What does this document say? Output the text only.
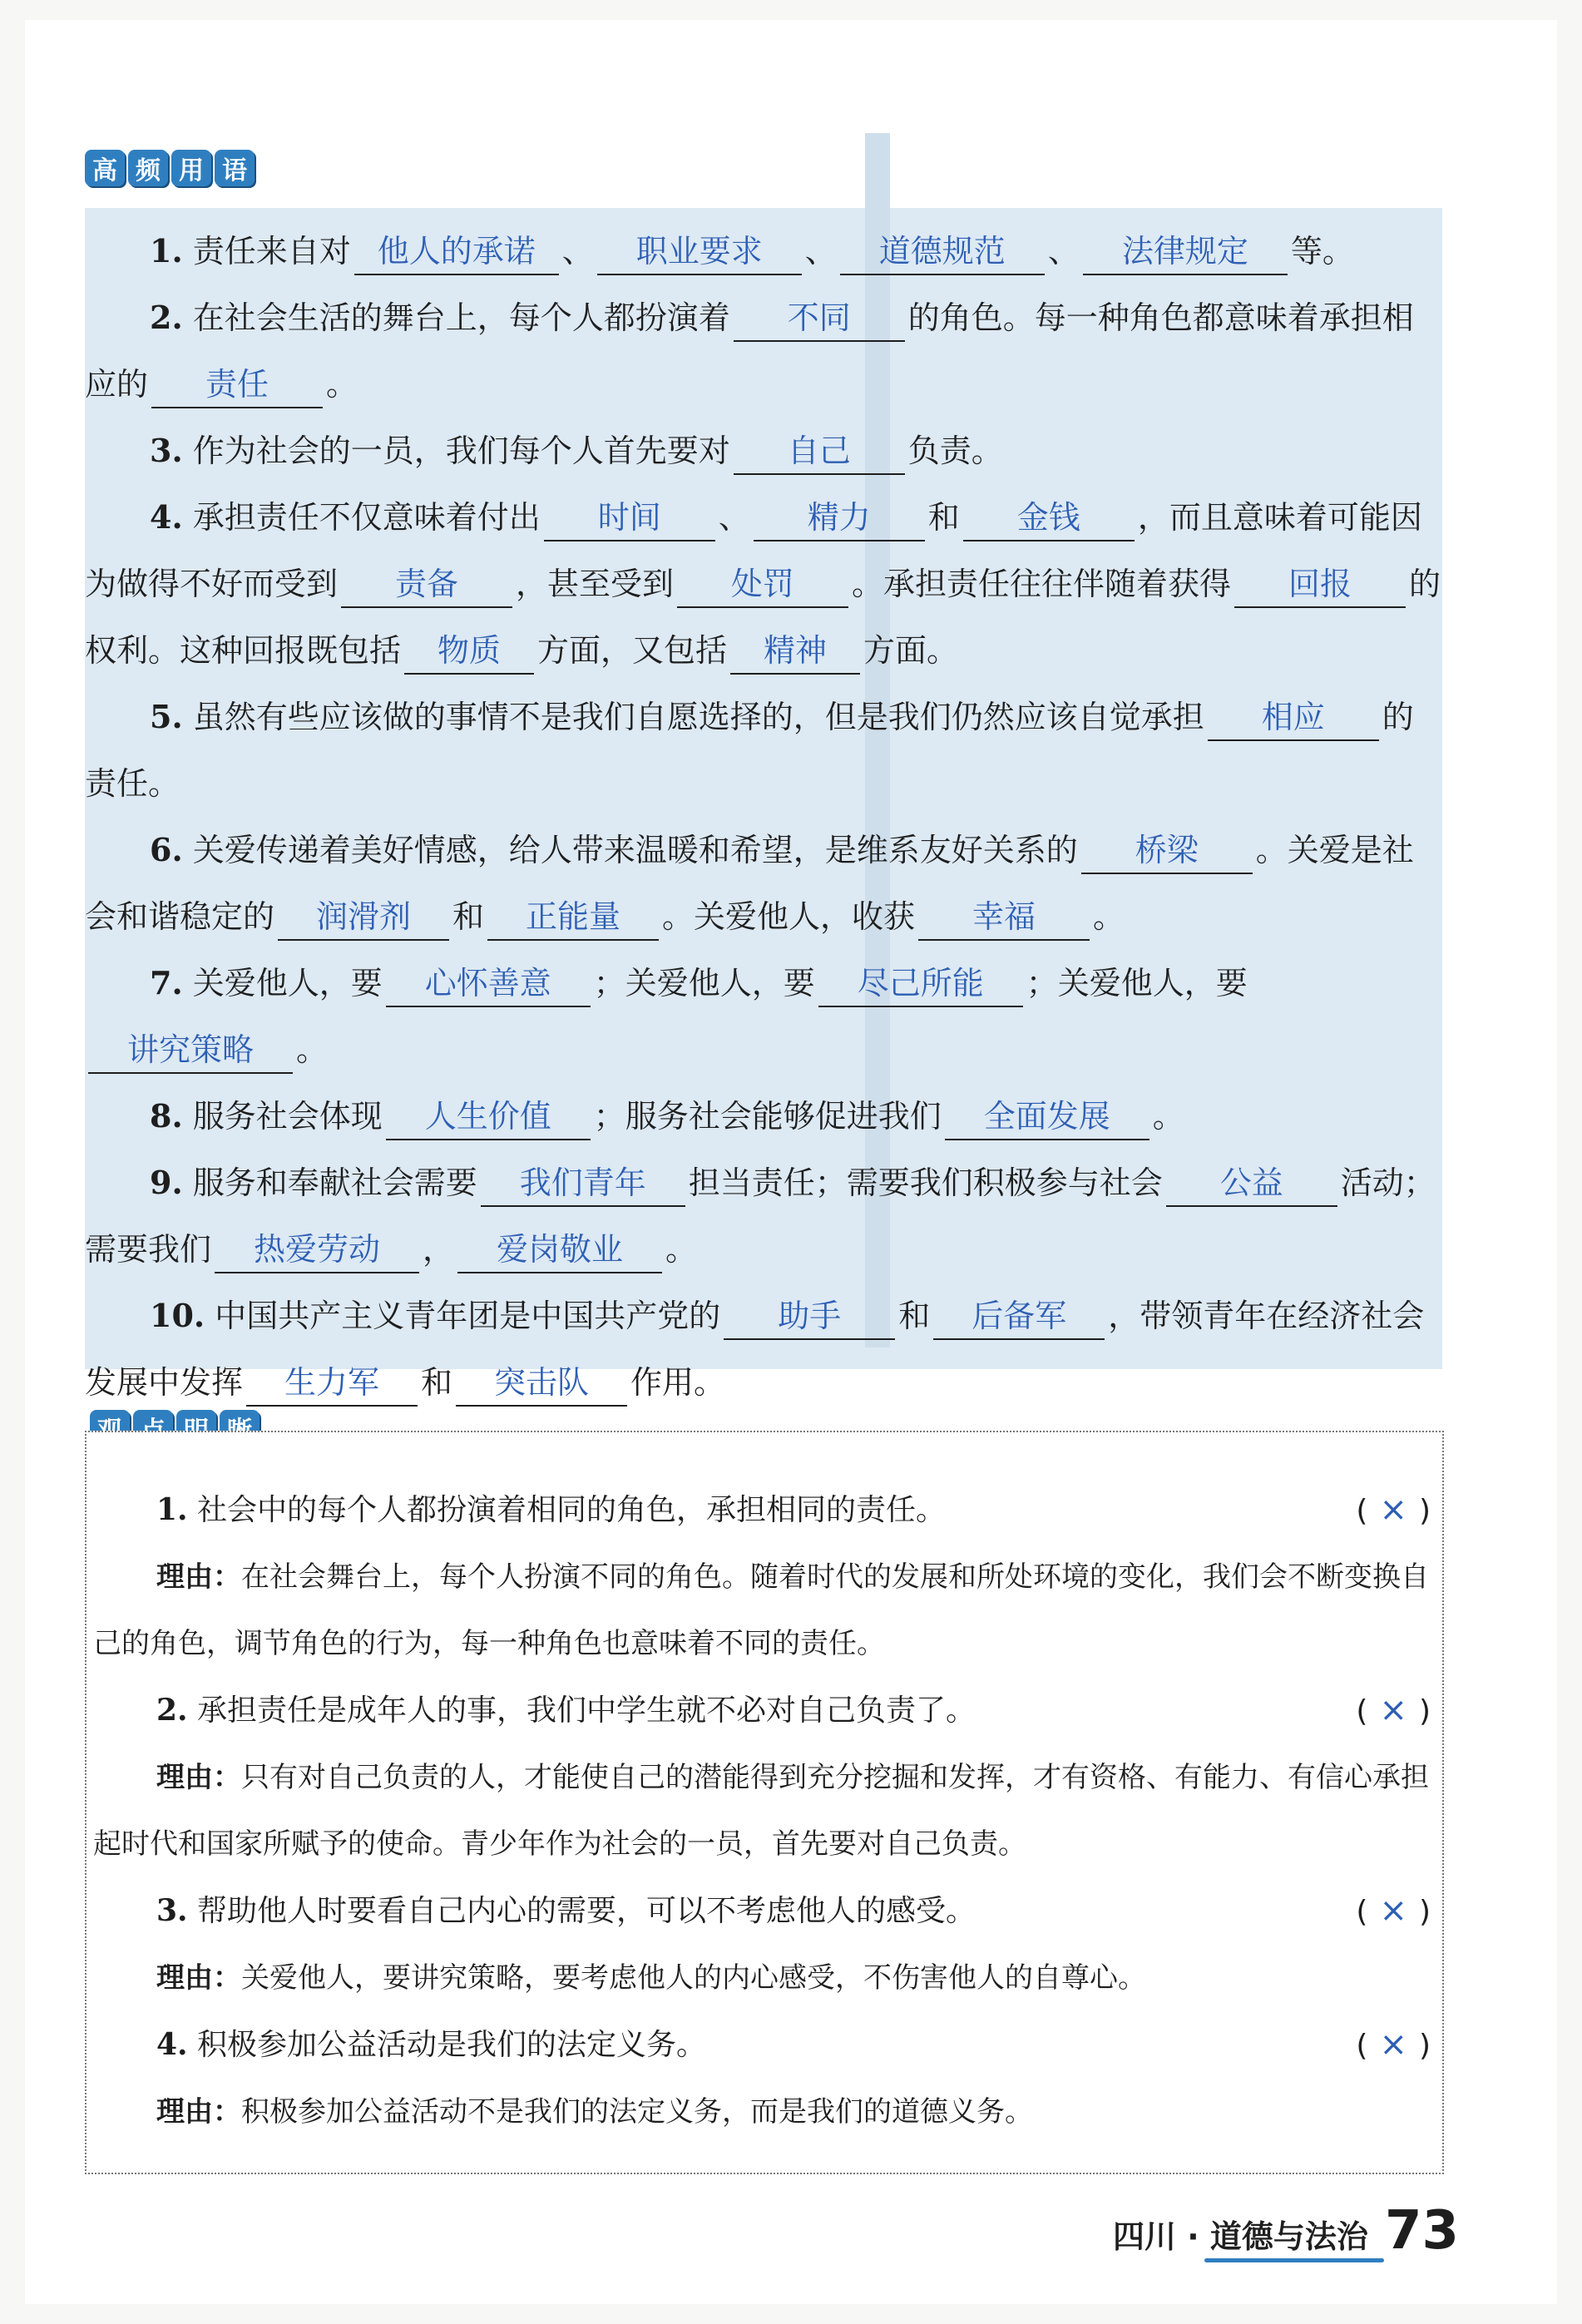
高 频 用 语

1. 责任来自对 他人的承诺 、 职业要求 、 道德规范 、 法律规定 等。

2. 在社会生活的舞台上，每个人都扮演着 不同 的角色。每一种角色都意味着承担相应的 责任 。

3. 作为社会的一员，我们每个人首先要对 自己 负责。

4. 承担责任不仅意味着付出 时间 、 精力 和 金钱 ，而且意味着可能因为做得不好而受到 责备 ，甚至受到 处罚 。承担责任往往伴随着获得 回报 的权利。这种回报既包括 物质 方面，又包括 精神 方面。

5. 虽然有些应该做的事情不是我们自愿选择的，但是我们仍然应该自觉承担 相应 的责任。

6. 关爱传递着美好情感，给人带来温暖和希望，是维系友好关系的 桥梁 。关爱是社会和谐稳定的 润滑剂 和 正能量 。关爱他人，收获 幸福 。

7. 关爱他人，要 心怀善意 ；关爱他人，要 尽己所能 ；关爱他人，要讲究策略 。

8. 服务社会体现 人生价值 ；服务社会能够促进我们 全面发展 。

9. 服务和奉献社会需要 我们青年 担当责任；需要我们积极参与社会 公益 活动；需要我们 热爱劳动 ， 爱岗敬业 。

10. 中国共产主义青年团是中国共产党的 助手 和 后备军 ，带领青年在经济社会发展中发挥 生力军 和 突击队 作用。

1. 社会中的每个人都扮演着相同的角色，承担相同的责任。	( × )

理由：在社会舞台上，每个人扮演不同的角色。随着时代的发展和所处环境的变化，我们会不断变换自己的角色，调节角色的行为，每一种角色也意味着不同的责任。

2. 承担责任是成年人的事，我们中学生就不必对自己负责了。	( × )

理由：只有对自己负责的人，才能使自己的潜能得到充分挖掘和发挥，才有资格、有能力、有信心承担起时代和国家所赋予的使命。青少年作为社会的一员，首先要对自己负责。

3. 帮助他人时要看自己内心的需要，可以不考虑他人的感受。	( × )

理由：关爱他人，要讲究策略，要考虑他人的内心感受，不伤害他人的自尊心。

4. 积极参加公益活动是我们的法定义务。	( × )

理由：积极参加公益活动不是我们的法定义务，而是我们的道德义务。

四川 · 道德与法治 73
